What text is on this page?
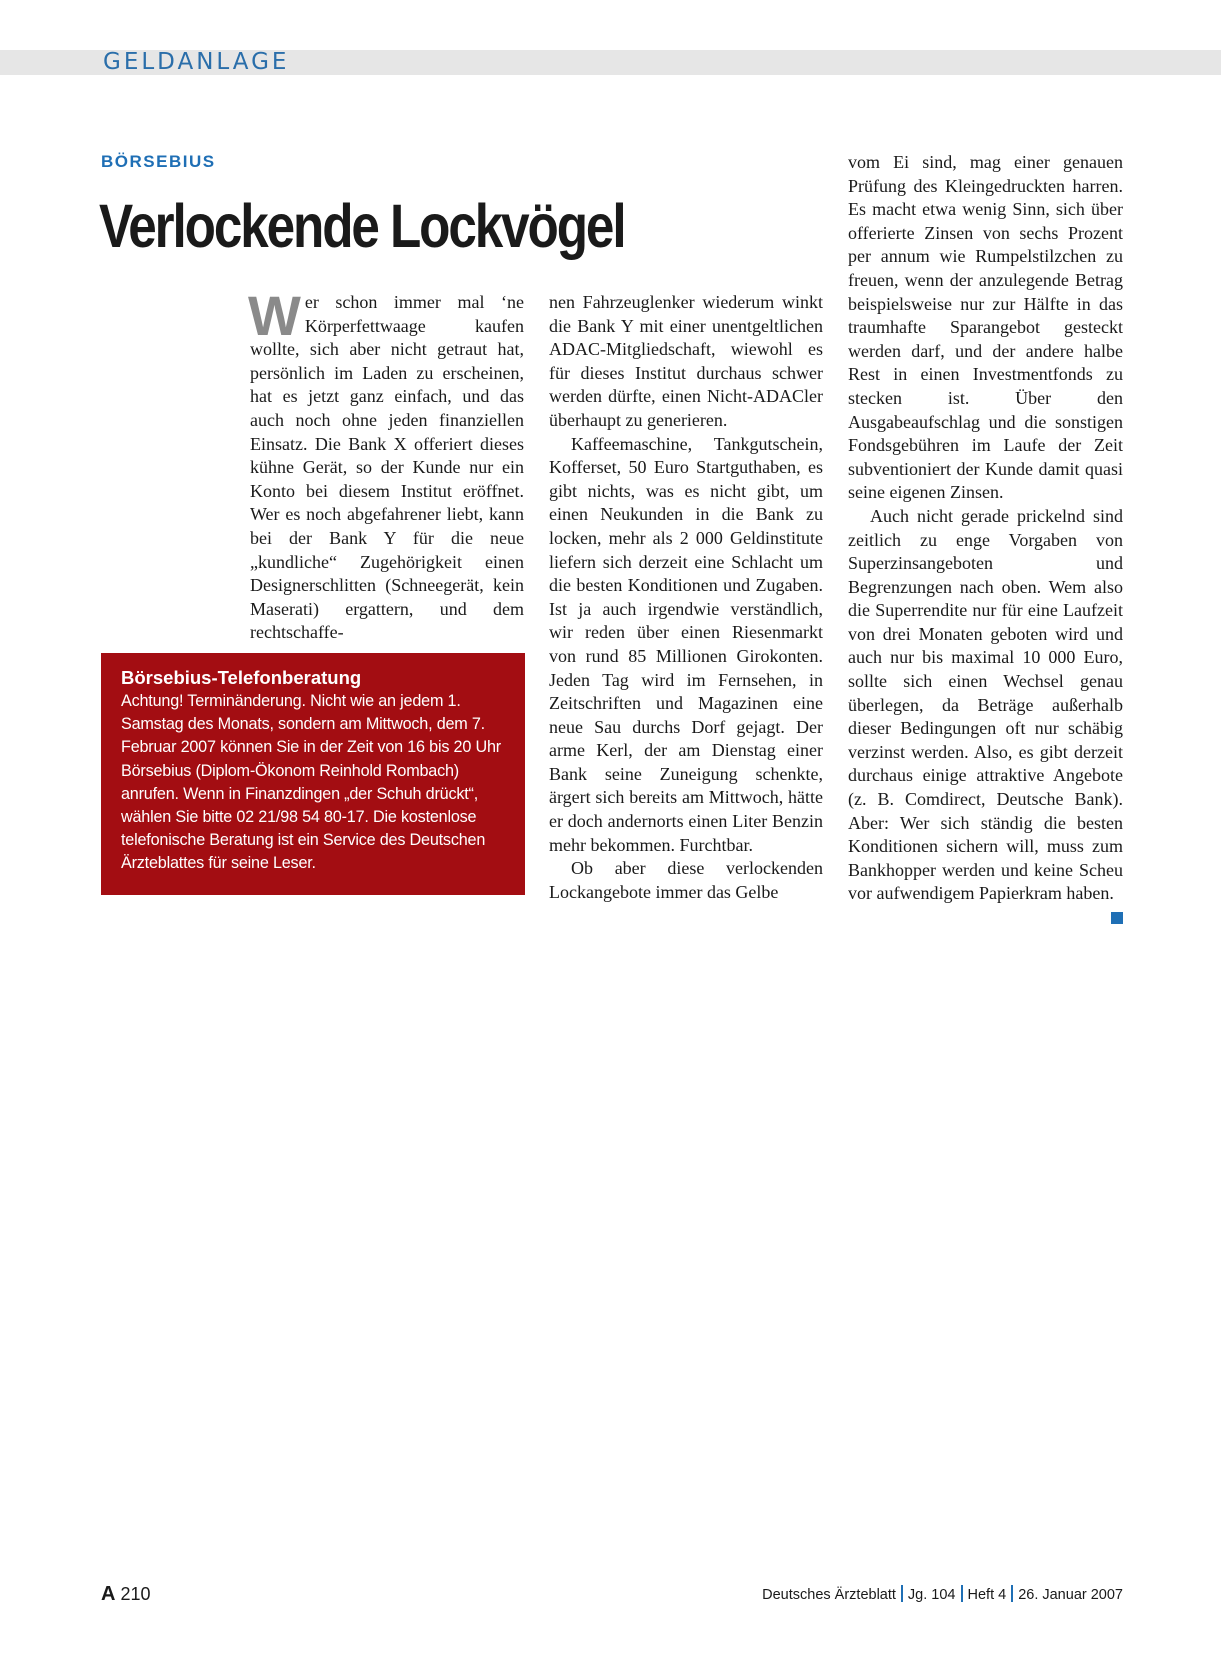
GELDANLAGE
BÖRSEBIUS
Verlockende Lockvögel

Wer schon immer mal ‘ne Körperfettwaage kaufen wollte, sich aber nicht getraut hat, persönlich im Laden zu erscheinen, hat es jetzt ganz einfach, und das auch noch ohne jeden finanziellen Einsatz. Die Bank X offeriert dieses kühne Gerät, so der Kunde nur ein Konto bei diesem Institut eröffnet. Wer es noch abgefahrener liebt, kann bei der Bank Y für die neue „kundliche“ Zugehörigkeit einen Designerschlitten (Schneegerät, kein Maserati) ergattern, und dem rechtschaffe-

Börsebius-Telefonberatung
Achtung! Terminänderung. Nicht wie an jedem 1. Samstag des Monats, sondern am Mittwoch, dem 7. Februar 2007 können Sie in der Zeit von 16 bis 20 Uhr Börsebius (Diplom-Ökonom Reinhold Rombach) anrufen. Wenn in Finanzdingen „der Schuh drückt“, wählen Sie bitte 02 21/98 54 80-17. Die kostenlose telefonische Beratung ist ein Service des Deutschen Ärzteblattes für seine Leser.

nen Fahrzeuglenker wiederum winkt die Bank Y mit einer unentgeltlichen ADAC-Mitgliedschaft, wiewohl es für dieses Institut durchaus schwer werden dürfte, einen Nicht-ADACler überhaupt zu generieren.

Kaffeemaschine, Tankgutschein, Kofferset, 50 Euro Startguthaben, es gibt nichts, was es nicht gibt, um einen Neukunden in die Bank zu locken, mehr als 2 000 Geldinstitute liefern sich derzeit eine Schlacht um die besten Konditionen und Zugaben. Ist ja auch irgendwie verständlich, wir reden über einen Riesenmarkt von rund 85 Millionen Girokonten. Jeden Tag wird im Fernsehen, in Zeitschriften und Magazinen eine neue Sau durchs Dorf gejagt. Der arme Kerl, der am Dienstag einer Bank seine Zuneigung schenkte, ärgert sich bereits am Mittwoch, hätte er doch andernorts einen Liter Benzin mehr bekommen. Furchtbar.

Ob aber diese verlockenden Lockangebote immer das Gelbe

vom Ei sind, mag einer genauen Prüfung des Kleingedruckten harren. Es macht etwa wenig Sinn, sich über offerierte Zinsen von sechs Prozent per annum wie Rumpelstilzchen zu freuen, wenn der anzulegende Betrag beispielsweise nur zur Hälfte in das traumhafte Sparangebot gesteckt werden darf, und der andere halbe Rest in einen Investmentfonds zu stecken ist. Über den Ausgabeaufschlag und die sonstigen Fondsgebühren im Laufe der Zeit subventioniert der Kunde damit quasi seine eigenen Zinsen.

Auch nicht gerade prickelnd sind zeitlich zu enge Vorgaben von Superzinsangeboten und Begrenzungen nach oben. Wem also die Superrendite nur für eine Laufzeit von drei Monaten geboten wird und auch nur bis maximal 10 000 Euro, sollte sich einen Wechsel genau überlegen, da Beträge außerhalb dieser Bedingungen oft nur schäbig verzinst werden. Also, es gibt derzeit durchaus einige attraktive Angebote (z. B. Comdirect, Deutsche Bank). Aber: Wer sich ständig die besten Konditionen sichern will, muss zum Bankhopper werden und keine Scheu vor aufwendigem Papierkram haben.

A 210	Deutsches Ärzteblatt Jg. 104 Heft 4 26. Januar 2007
